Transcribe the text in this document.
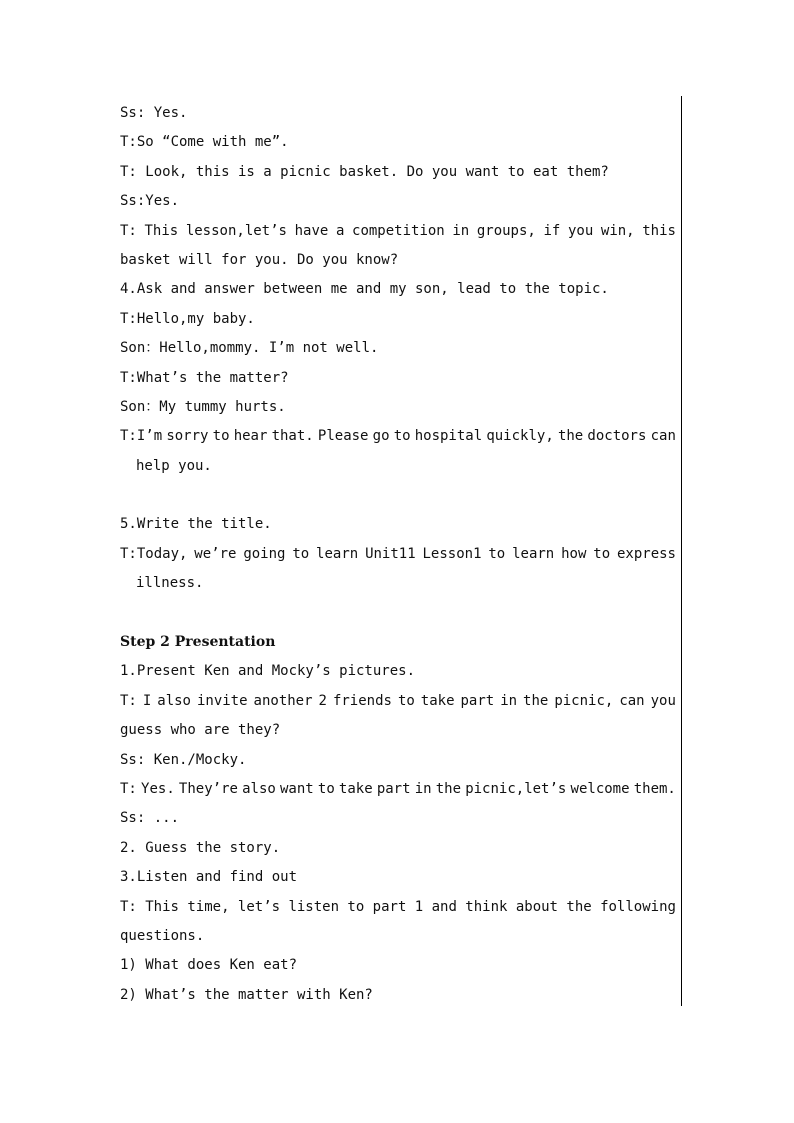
Ss: Yes.
T:So “Come with me”.
T: Look, this is a picnic basket. Do you want to eat them?
Ss:Yes.
T: This lesson,let’s have a competition in groups, if you win, this
basket will for you. Do you know?
4.Ask and answer between me and my son, lead to the topic.
T:Hello,my baby.
Son：Hello,mommy. I’m not well.
T:What’s the matter?
Son：My tummy hurts.
T:I’m sorry to hear that. Please go to hospital quickly, the doctors can
help you.
5.Write the title.
T:Today, we’re going to learn Unit11 Lesson1 to learn how to express
illness.
Step 2 Presentation
1.Present Ken and Mocky’s pictures.
T: I also invite another 2 friends to take part in the picnic, can you
guess who are they?
Ss: Ken./Mocky.
T: Yes. They’re also want to take part in the picnic,let’s welcome them.
Ss: ...
2. Guess the story.
3.Listen and find out
T: This time, let’s listen to part 1 and think about the following
questions.
1) What does Ken eat?
2) What’s the matter with Ken?
